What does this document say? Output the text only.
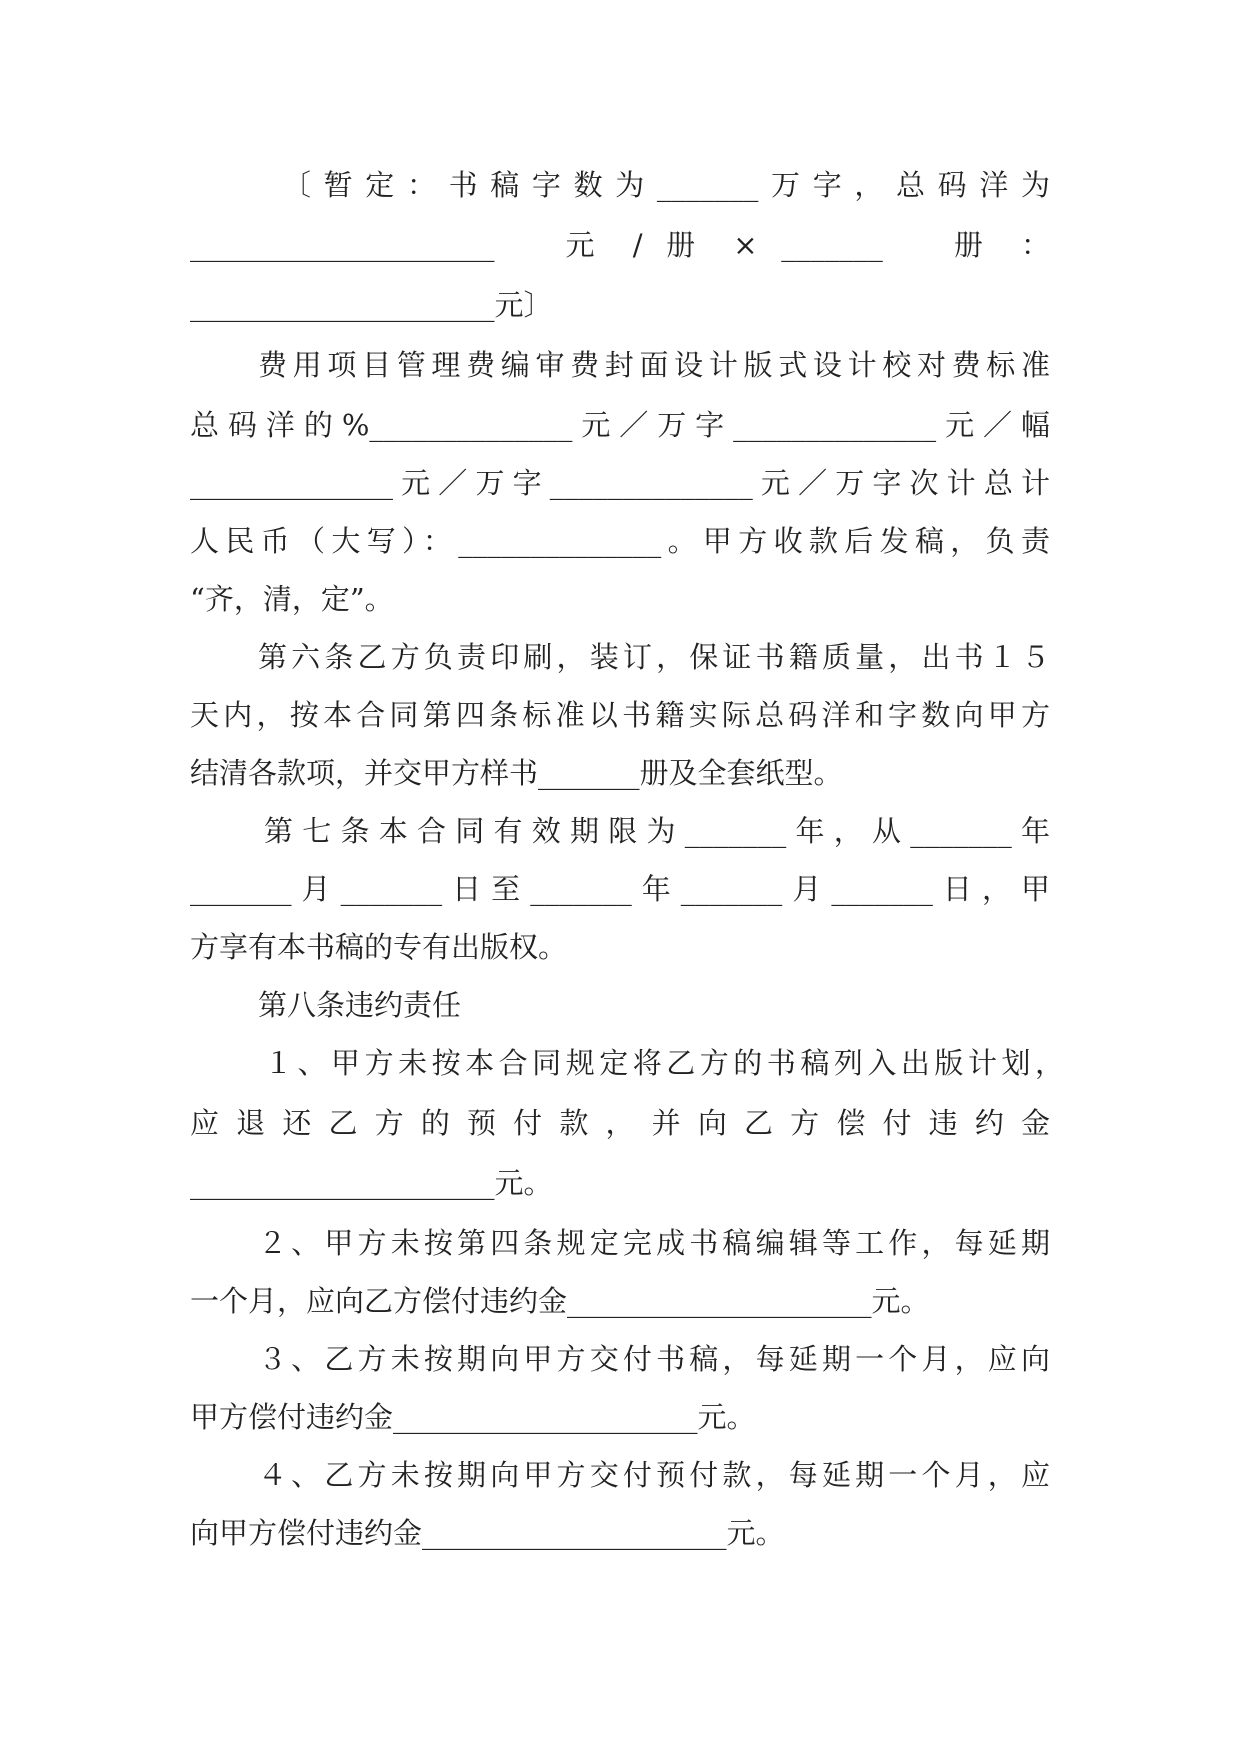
〔暂定：书稿字数为_______万字，总码洋为
_____________________   元 / 册 × _______   册 ：
_____________________元〕
费用项目管理费编审费封面设计版式设计校对费标准
总码洋的%______________元／万字______________元／幅
______________元／万字______________元／万字次计总计
人民币（大写）：______________。甲方收款后发稿，负责
“齐，清，定”。
第六条乙方负责印刷，装订，保证书籍质量，出书１５
天内，按本合同第四条标准以书籍实际总码洋和字数向甲方
结清各款项，并交甲方样书_______册及全套纸型。
第七条本合同有效期限为_______年，从_______年
_______月_______日至_______年_______月_______日，甲
方享有本书稿的专有出版权。
第八条违约责任
１、甲方未按本合同规定将乙方的书稿列入出版计划，
应 退 还 乙 方 的 预 付 款 ， 并 向 乙 方 偿 付 违 约 金
_____________________元。
２、甲方未按第四条规定完成书稿编辑等工作，每延期
一个月，应向乙方偿付违约金_____________________元。
３、乙方未按期向甲方交付书稿，每延期一个月，应向
甲方偿付违约金_____________________元。
４、乙方未按期向甲方交付预付款，每延期一个月，应
向甲方偿付违约金_____________________元。
